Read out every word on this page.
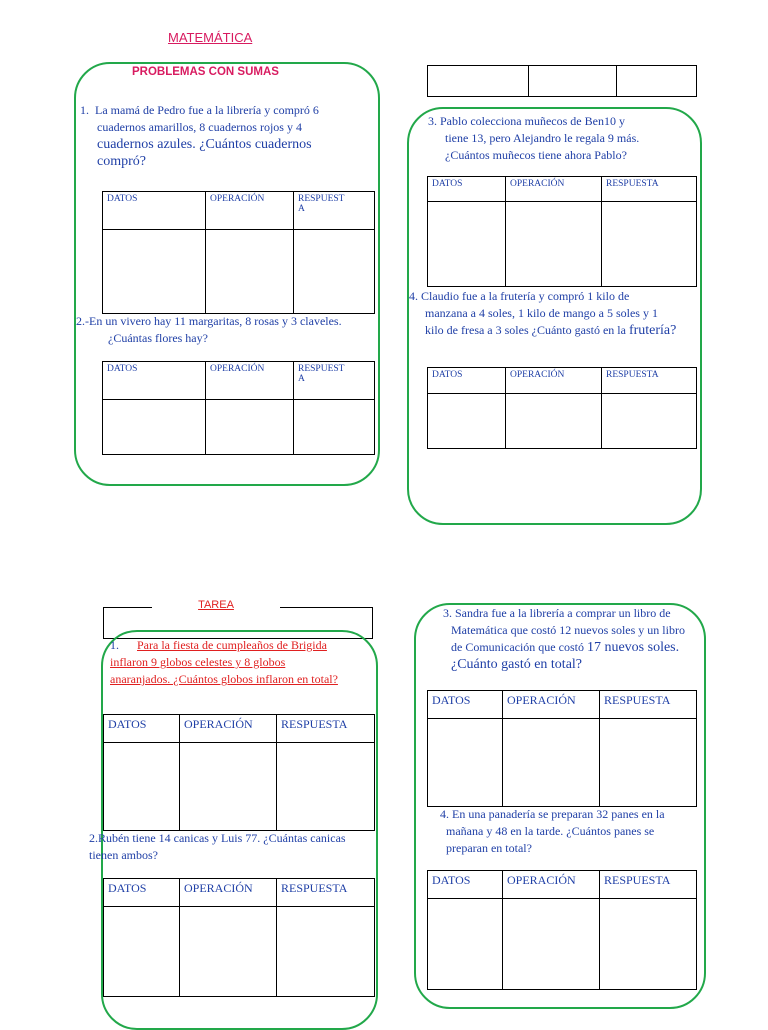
MATEMÁTICA
PROBLEMAS CON SUMAS
1. La mamá de Pedro fue a la librería y compró 6
cuadernos amarillos, 8 cuadernos rojos y 4
cuadernos azules. ¿Cuántos cuadernos
compró?
DATOS	OPERACIÓN	RESPUEST
A

2.-En un vivero hay 11 margaritas, 8 rosas y 3 claveles.
¿Cuántas flores hay?
DATOS	OPERACIÓN	RESPUEST
A

3. Pablo colecciona muñecos de Ben10 y
tiene 13, pero Alejandro le regala 9 más.
¿Cuántos muñecos tiene ahora Pablo?
DATOS	OPERACIÓN	RESPUESTA

4. Claudio fue a la frutería y compró 1 kilo de
manzana a 4 soles, 1 kilo de mango a 5 soles y 1
kilo de fresa a 3 soles ¿Cuánto gastó en la frutería?
DATOS	OPERACIÓN	RESPUESTA

TAREA
1. Para la fiesta de cumpleaños de Brigida
inflaron 9 globos celestes y 8 globos
anaranjados. ¿Cuántos globos inflaron en total?
DATOS	OPERACIÓN	RESPUESTA

2.Rubén tiene 14 canicas y Luis 77. ¿Cuántas canicas
tienen ambos?
DATOS	OPERACIÓN	RESPUESTA

3. Sandra fue a la librería a comprar un libro de
Matemática que costó 12 nuevos soles y un libro
de Comunicación que costó 17 nuevos soles.
¿Cuánto gastó en total?
DATOS	OPERACIÓN	RESPUESTA

4. En una panadería se preparan 32 panes en la
mañana y 48 en la tarde. ¿Cuántos panes se
preparan en total?
DATOS	OPERACIÓN	RESPUESTA
